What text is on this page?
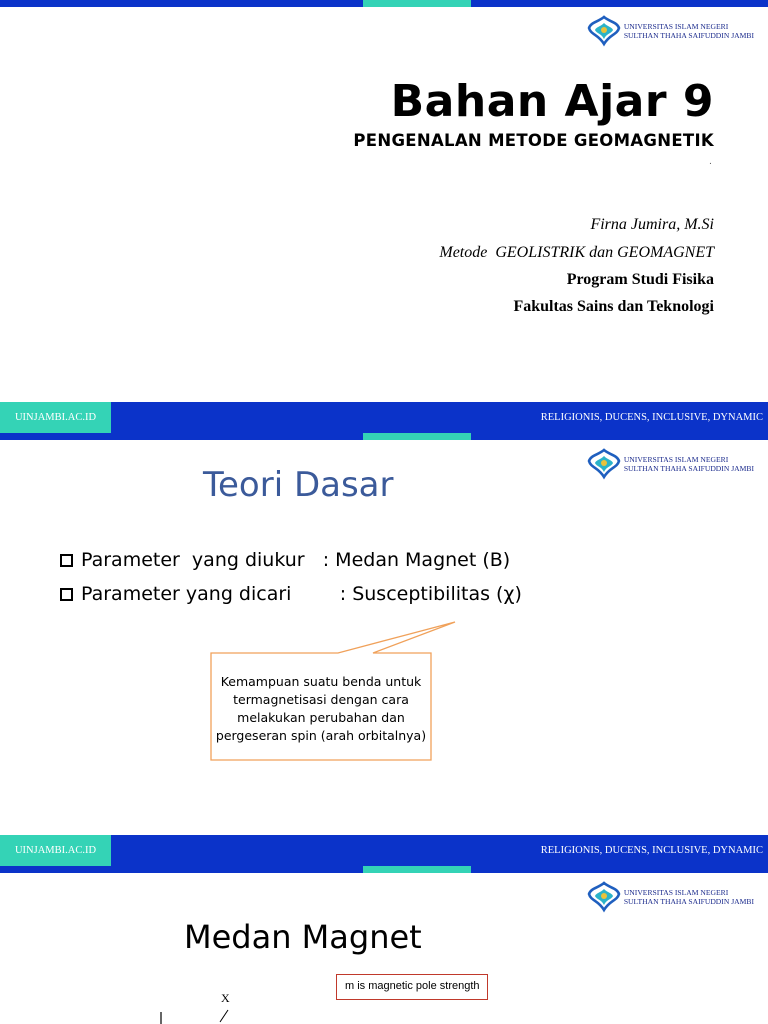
UNIVERSITAS ISLAM NEGERI
SULTHAN THAHA SAIFUDDIN JAMBI
Bahan Ajar 9
PENGENALAN METODE GEOMAGNETIK
.
Firna Jumira, M.Si
Metode  GEOLISTRIK dan GEOMAGNET
Program Studi Fisika
Fakultas Sains dan Teknologi
UINJAMBI.AC.ID	RELIGIONIS, DUCENS, INCLUSIVE, DYNAMIC
UNIVERSITAS ISLAM NEGERI
SULTHAN THAHA SAIFUDDIN JAMBI
Teori Dasar
Parameter  yang diukur   : Medan Magnet (B)
Parameter yang dicari        : Susceptibilitas (χ)
Kemampuan suatu benda untuk termagnetisasi dengan cara melakukan perubahan dan pergeseran spin (arah orbitalnya)
UINJAMBI.AC.ID	RELIGIONIS, DUCENS, INCLUSIVE, DYNAMIC
UNIVERSITAS ISLAM NEGERI
SULTHAN THAHA SAIFUDDIN JAMBI
Medan Magnet
m is magnetic pole strength
X
